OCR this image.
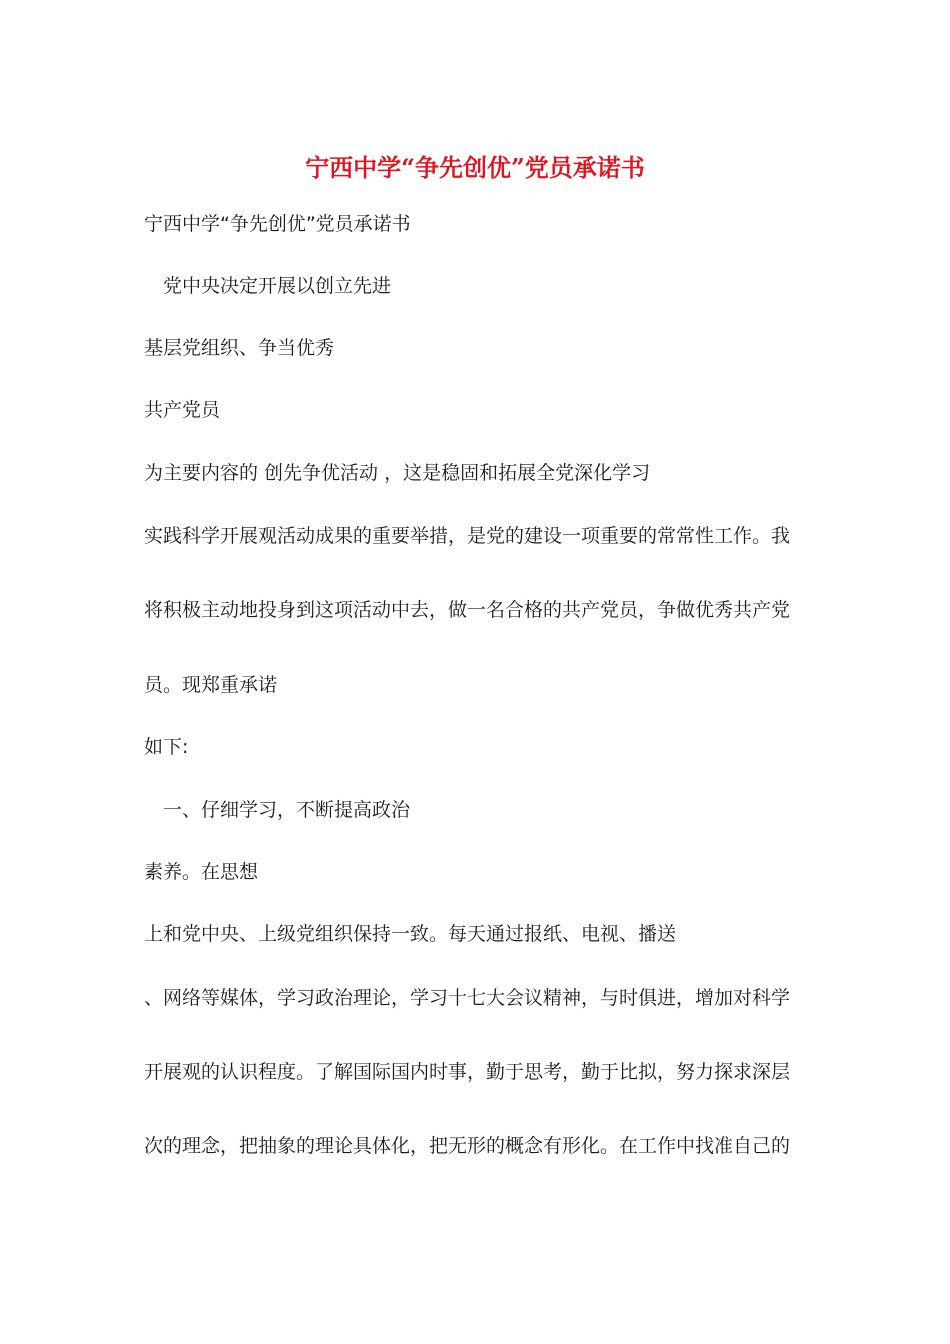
宁西中学“争先创优”党员承诺书
宁西中学“争先创优”党员承诺书
　党中央决定开展以创立先进
基层党组织、争当优秀
共产党员
为主要内容的 创先争优活动 ，这是稳固和拓展全党深化学习
实践科学开展观活动成果的重要举措，是党的建设一项重要的常常性工作。我
将积极主动地投身到这项活动中去，做一名合格的共产党员，争做优秀共产党
员。现郑重承诺
如下:
　一、仔细学习，不断提高政治
素养。在思想
上和党中央、上级党组织保持一致。每天通过报纸、电视、播送
、网络等媒体，学习政治理论，学习十七大会议精神，与时俱进，增加对科学
开展观的认识程度。了解国际国内时事，勤于思考，勤于比拟，努力探求深层
次的理念，把抽象的理论具体化，把无形的概念有形化。在工作中找准自己的
